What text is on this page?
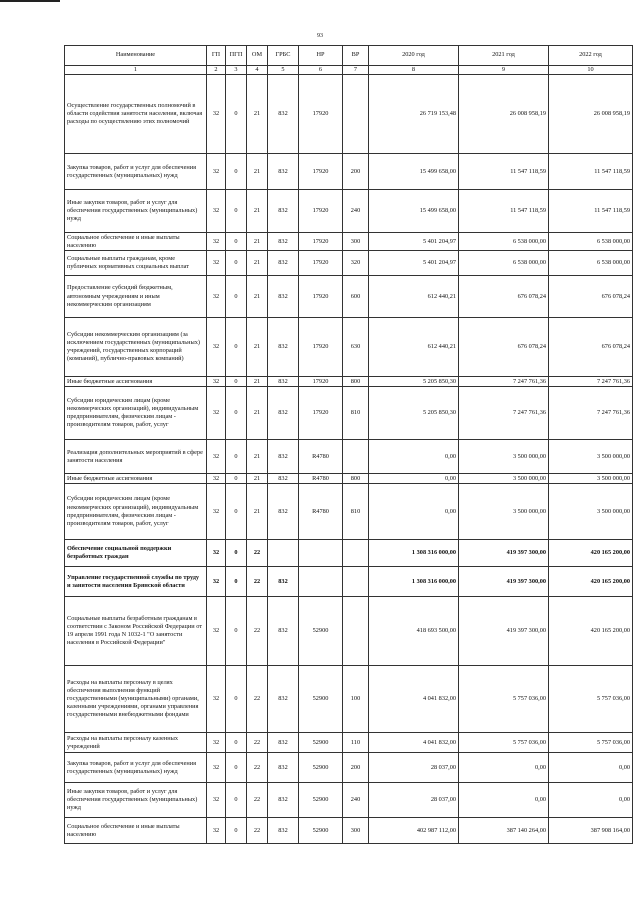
93
Наименование	ГП	ПГП	ОМ	ГРБС	НР	ВР	2020 год	2021 год	2022 год
1	2	3	4	5	6	7	8	9	10
Осуществление государственных полномочий в области содействия занятости населения, включая расходы по осуществлению этих полномочий	32	0	21	832	17920		26 719 153,48	26 008 958,19	26 008 958,19
Закупка товаров, работ и услуг для обеспечения государственных (муниципальных) нужд	32	0	21	832	17920	200	15 499 658,00	11 547 118,59	11 547 118,59
Иные закупки товаров, работ и услуг для обеспечения государственных (муниципальных) нужд	32	0	21	832	17920	240	15 499 658,00	11 547 118,59	11 547 118,59
Социальное обеспечение и иные выплаты населению	32	0	21	832	17920	300	5 401 204,97	6 538 000,00	6 538 000,00
Социальные выплаты гражданам, кроме публичных нормативных социальных выплат	32	0	21	832	17920	320	5 401 204,97	6 538 000,00	6 538 000,00
Предоставление субсидий бюджетным, автономным учреждениям и иным некоммерческим организациям	32	0	21	832	17920	600	612 440,21	676 078,24	676 078,24
Субсидии некоммерческим организациям (за исключением государственных (муниципальных) учреждений, государственных корпораций (компаний), публично-правовых компаний)	32	0	21	832	17920	630	612 440,21	676 078,24	676 078,24
Иные бюджетные ассигнования	32	0	21	832	17920	800	5 205 850,30	7 247 761,36	7 247 761,36
Субсидии юридическим лицам (кроме некоммерческих организаций), индивидуальным предпринимателям, физическим лицам - производителям товаров, работ, услуг	32	0	21	832	17920	810	5 205 850,30	7 247 761,36	7 247 761,36
Реализация дополнительных мероприятий в сфере занятости населения	32	0	21	832	R4780		0,00	3 500 000,00	3 500 000,00
Иные бюджетные ассигнования	32	0	21	832	R4780	800	0,00	3 500 000,00	3 500 000,00
Субсидии юридическим лицам (кроме некоммерческих организаций), индивидуальным предпринимателям, физическим лицам - производителям товаров, работ, услуг	32	0	21	832	R4780	810	0,00	3 500 000,00	3 500 000,00
Обеспечение социальной поддержки безработных граждан	32	0	22				1 308 316 000,00	419 397 300,00	420 165 200,00
Управление государственной службы по труду и занятости населения Брянской области	32	0	22	832			1 308 316 000,00	419 397 300,00	420 165 200,00
Социальные выплаты безработным гражданам в соответствии с Законом Российской Федерации от 19 апреля 1991 года N 1032-1 "О занятости населения в Российской Федерации"	32	0	22	832	52900		418 693 500,00	419 397 300,00	420 165 200,00
Расходы на выплаты персоналу в целях обеспечения выполнения функций государственными (муниципальными) органами, казенными учреждениями, органами управления государственными внебюджетными фондами	32	0	22	832	52900	100	4 041 832,00	5 757 036,00	5 757 036,00
Расходы на выплаты персоналу казенных учреждений	32	0	22	832	52900	110	4 041 832,00	5 757 036,00	5 757 036,00
Закупка товаров, работ и услуг для обеспечения государственных (муниципальных) нужд	32	0	22	832	52900	200	28 037,00	0,00	0,00
Иные закупки товаров, работ и услуг для обеспечения государственных (муниципальных) нужд	32	0	22	832	52900	240	28 037,00	0,00	0,00
Социальное обеспечение и иные выплаты населению	32	0	22	832	52900	300	402 987 112,00	387 140 264,00	387 908 164,00
